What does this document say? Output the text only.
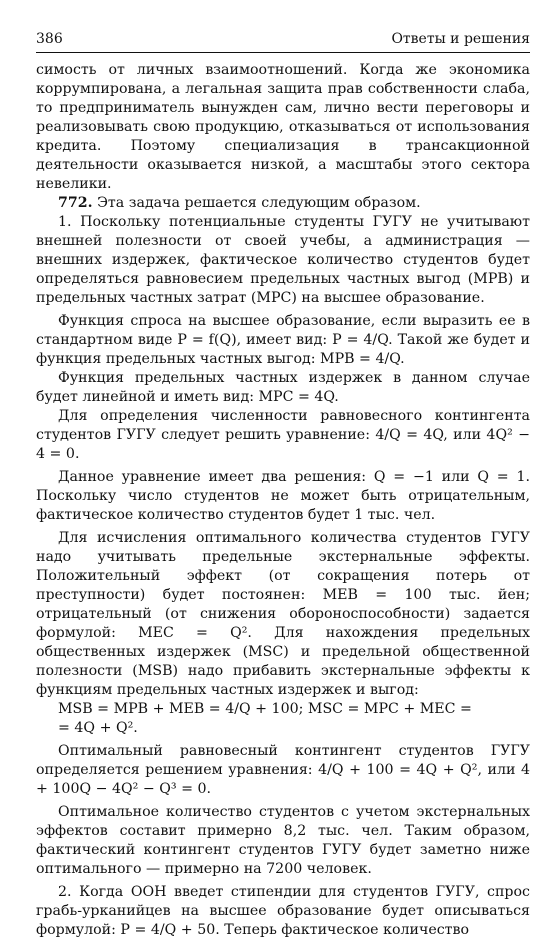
386	Ответы и решения

симость от личных взаимоотношений. Когда же экономика коррумпирована, а легальная защита прав собственности слаба, то предприниматель вынужден сам, лично вести переговоры и реализовывать свою продукцию, отказываться от использования кредита. Поэтому специализация в трансакционной деятельности оказывается низкой, а масштабы этого сектора невелики.

772. Эта задача решается следующим образом.

1. Поскольку потенциальные студенты ГУГУ не учитывают внешней полезности от своей учебы, а администрация — внешних издержек, фактическое количество студентов будет определяться равновесием предельных частных выгод (MPB) и предельных частных затрат (MPC) на высшее образование.

Функция спроса на высшее образование, если выразить ее в стандартном виде P = f(Q), имеет вид: P = 4/Q. Такой же будет и функция предельных частных выгод: MPB = 4/Q.

Функция предельных частных издержек в данном случае будет линейной и иметь вид: MPC = 4Q.

Для определения численности равновесного контингента студентов ГУГУ следует решить уравнение: 4/Q = 4Q, или 4Q² − 4 = 0.

Данное уравнение имеет два решения: Q = −1 или Q = 1. Поскольку число студентов не может быть отрицательным, фактическое количество студентов будет 1 тыс. чел.

Для исчисления оптимального количества студентов ГУГУ надо учитывать предельные экстернальные эффекты. Положительный эффект (от сокращения потерь от преступности) будет постоянен: MEB = 100 тыс. йен; отрицательный (от снижения обороноспособности) задается формулой: MEC = Q². Для нахождения предельных общественных издержек (MSC) и предельной общественной полезности (MSB) надо прибавить экстернальные эффекты к функциям предельных частных издержек и выгод:

MSB = MPB + MEB = 4/Q + 100; MSC = MPC + MEC =

= 4Q + Q².

Оптимальный равновесный контингент студентов ГУГУ определяется решением уравнения: 4/Q + 100 = 4Q + Q², или 4 + 100Q − 4Q² − Q³ = 0.

Оптимальное количество студентов с учетом экстернальных эффектов составит примерно 8,2 тыс. чел. Таким образом, фактический контингент студентов ГУГУ будет заметно ниже оптимального — примерно на 7200 человек.

2. Когда ООН введет стипендии для студентов ГУГУ, спрос грабь-урканийцев на высшее образование будет описываться формулой: P = 4/Q + 50. Теперь фактическое количество
